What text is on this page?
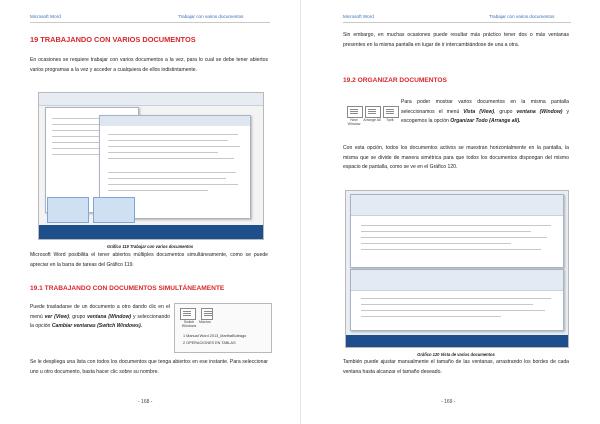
Microsoft Word	Trabajar con varios documentos
19 TRABAJANDO CON VARIOS DOCUMENTOS

En ocasiones se requiere trabajar con varios documentos a la vez, para lo cual se debe tener abiertos varios programas a la vez y acceder a cualquiera de ellos indistintamente.

Gráfico 119 Trabajar con varios documentos

Microsoft Word posibilita el tener abiertos múltiples documentos simultáneamente, como se puede apreciar en la barra de tareas del Gráfico 119.

19.1 TRABAJANDO CON DOCUMENTOS SIMULTÁNEAMENTE

Puede trasladarse de un documento a otro dando clic en el menú ver (View), grupo ventana (Window) y seleccionando la opción Cambiar ventanas (Switch Windows).

Switch Windows
Macros
1 Manual Word 2013_MarthaBuitrago
2 OPERACIONES EN TABLAS

Se le despliega una lista con todos los documentos que tenga abiertos en ese instante. Para seleccionar uno u otro documento, basta hacer clic sobre su nombre.

- 168 -
Microsoft Word	Trabajar con varios documentos

Sin embargo, en muchas ocasiones puede resultar más práctico tener dos o más ventanas presentes en la misma pantalla en lugar de ir intercambiándose de una a otra.

19.2 ORGANIZAR DOCUMENTOS
New Window
Arrange All	Split

Para poder mostrar varios documentos en la misma pantalla seleccionamos el menú Vista (View), grupo ventana (Window) y escogemos la opción Organizar Todo (Arrange all).

Con esta opción, todos los documentos activos se muestran horizontalmente en la pantalla, la misma que se divide de manera simétrica para que todos los documentos dispongan del mismo espacio de pantalla, como se ve en el Gráfico 120.

Gráfico 120 Vista de varios documentos

También puede ajustar manualmente el tamaño de las ventanas, arrastrando los bordes de cada ventana hasta alcanzar el tamaño deseado.

- 169 -
